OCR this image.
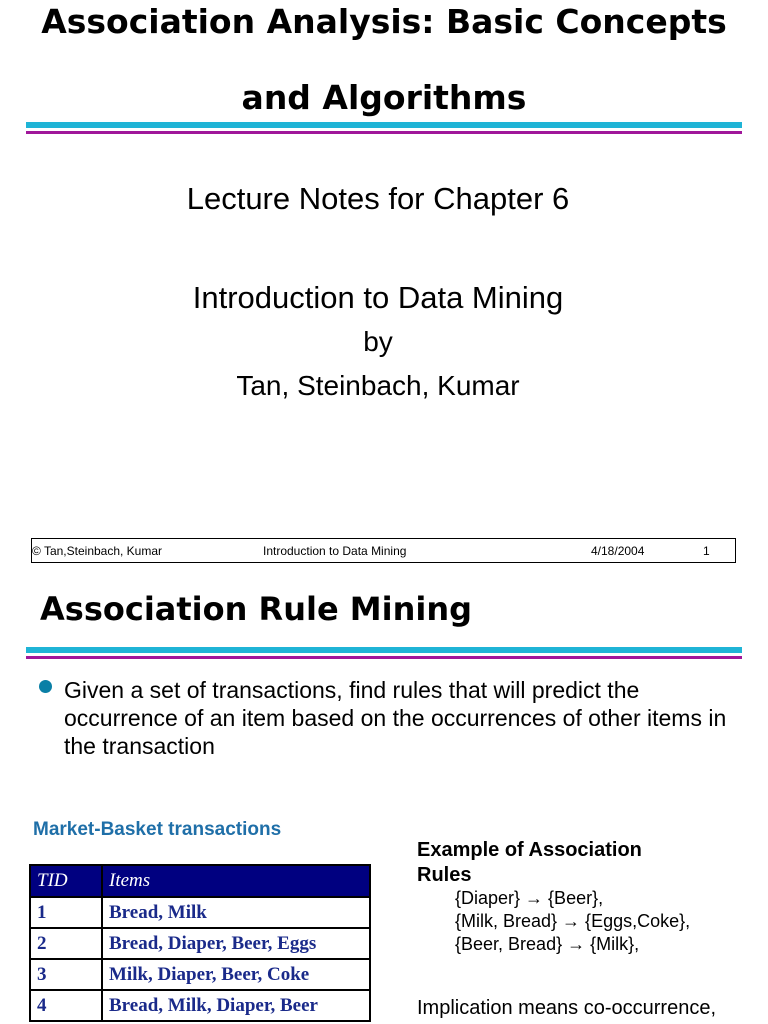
Association Analysis: Basic Concepts
and Algorithms
Lecture Notes for Chapter 6
Introduction to Data Mining
by
Tan, Steinbach, Kumar
© Tan,Steinbach, Kumar	Introduction to Data Mining	4/18/2004	1
Association Rule Mining
Given a set of transactions, find rules that will predict the occurrence of an item based on the occurrences of other items in the transaction
Market-Basket transactions
TID	Items
1	Bread, Milk
2	Bread, Diaper, Beer, Eggs
3	Milk, Diaper, Beer, Coke
4	Bread, Milk, Diaper, Beer
Example of Association Rules
{Diaper} → {Beer},
{Milk, Bread} → {Eggs,Coke},
{Beer, Bread} → {Milk},
Implication means co-occurrence,
